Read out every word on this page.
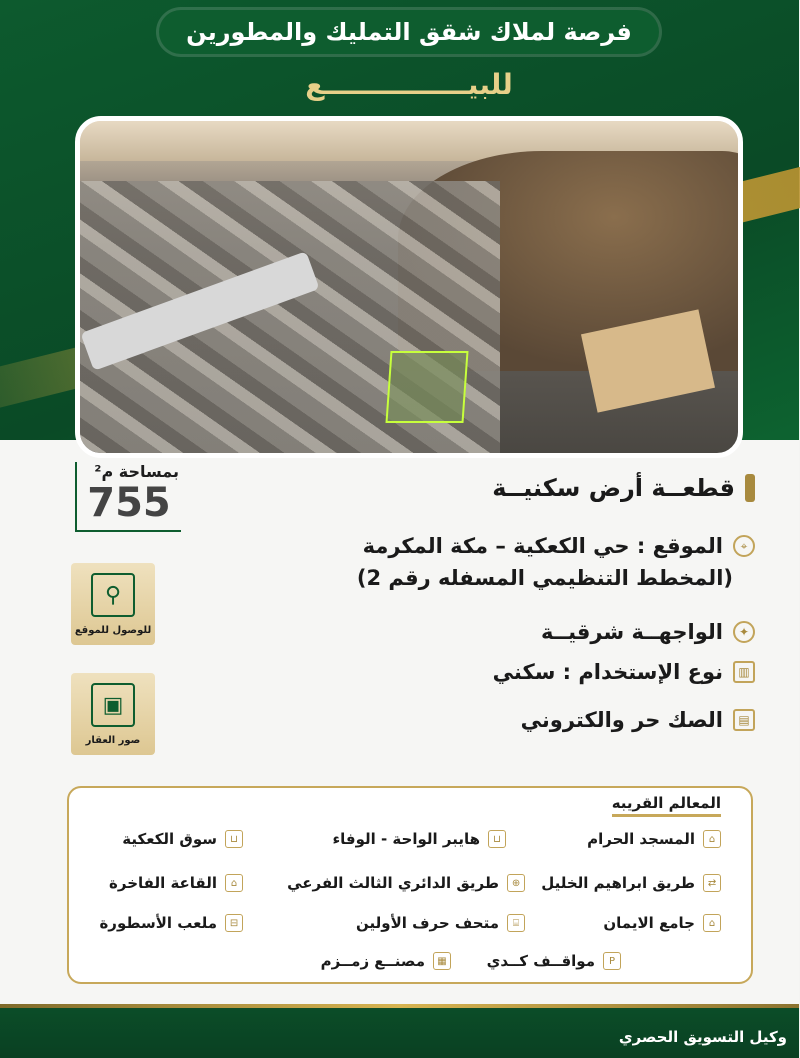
فرصة لملاك شقق التمليك والمطورين
للبيـــــــــــــــع
بمساحة م²
755	قطعــة أرض سكنيــة
⌖
الموقع : حي الكعكية – مكة المكرمة
(المخطط التنظيمي المسفله رقم 2)
✦
الواجهــة شرقيــة
▥
نوع الإستخدام : سكني
▤
الصك حر والكتروني
⚲
للوصول للموقع
▣
صور العقار
المعالم القريبه
⌂
المسجد الحرام
⊔
هايبر الواحة - الوفاء
⊔
سوق الكعكية
⇄
طريق ابراهيم الخليل
⊕
طريق الدائري الثالث الفرعي
⌂
القاعة الفاخرة
⌂
جامع الايمان
⌸
متحف حرف الأولين
⊟
ملعب الأسطورة
P
مواقــف كــدي
▦
مصنــع زمــزم
وكيل التسويق الحصري
